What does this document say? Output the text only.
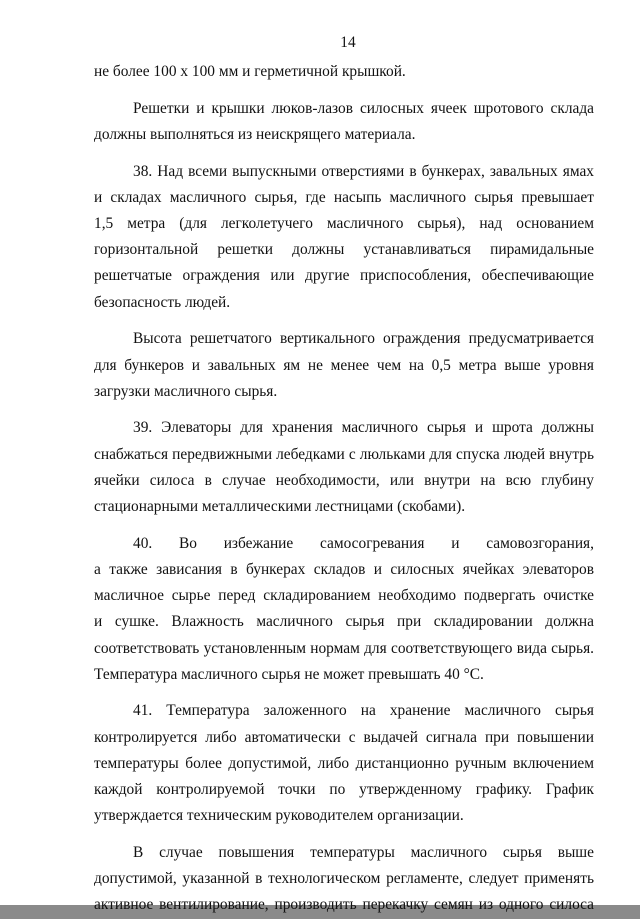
14
не более 100 х 100 мм и герметичной крышкой.
Решетки и крышки люков-лазов силосных ячеек шротового склада
должны выполняться из неискрящего материала.
38. Над всеми выпускными отверстиями в бункерах, завальных ямах
и складах масличного сырья, где насыпь масличного сырья превышает
1,5 метра (для легколетучего масличного сырья), над основанием
горизонтальной решетки должны устанавливаться пирамидальные
решетчатые ограждения или другие приспособления, обеспечивающие
безопасность людей.
Высота решетчатого вертикального ограждения предусматривается
для бункеров и завальных ям не менее чем на 0,5 метра выше уровня
загрузки масличного сырья.
39. Элеваторы для хранения масличного сырья и шрота должны
снабжаться передвижными лебедками с люльками для спуска людей внутрь
ячейки силоса в случае необходимости, или внутри на всю глубину
стационарными металлическими лестницами (скобами).
40. Во избежание самосогревания и самовозгорания,
а также зависания в бункерах складов и силосных ячейках элеваторов
масличное сырье перед складированием необходимо подвергать очистке
и сушке. Влажность масличного сырья при складировании должна
соответствовать установленным нормам для соответствующего вида сырья.
Температура масличного сырья не может превышать 40 °С.
41. Температура заложенного на хранение масличного сырья
контролируется либо автоматически с выдачей сигнала при повышении
температуры более допустимой, либо дистанционно ручным включением
каждой контролируемой точки по утвержденному графику. График
утверждается техническим руководителем организации.
В случае повышения температуры масличного сырья выше
допустимой, указанной в технологическом регламенте, следует применять
активное вентилирование, производить перекачку семян из одного силоса
